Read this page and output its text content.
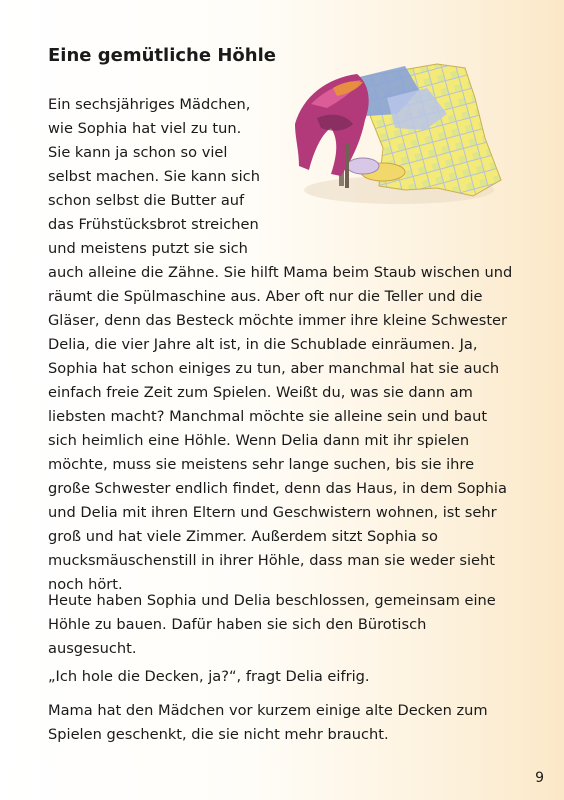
Eine gemütliche Höhle
Ein sechsjähriges Mädchen, wie Sophia hat viel zu tun. Sie kann ja schon so viel selbst machen. Sie kann sich schon selbst die Butter auf das Frühstücksbrot streichen und meistens putzt sie sich auch alleine die Zähne. Sie hilft Mama beim Staub wischen und räumt die Spülmaschine aus. Aber oft nur die Teller und die Gläser, denn das Besteck möchte immer ihre kleine Schwester Delia, die vier Jahre alt ist, in die Schublade einräumen. Ja, Sophia hat schon einiges zu tun, aber manchmal hat sie auch einfach freie Zeit zum Spielen. Weißt du, was sie dann am liebsten macht? Manchmal möchte sie alleine sein und baut sich heimlich eine Höhle. Wenn Delia dann mit ihr spielen möchte, muss sie meistens sehr lange suchen, bis sie ihre große Schwester endlich findet, denn das Haus, in dem Sophia und Delia mit ihren Eltern und Geschwistern wohnen, ist sehr groß und hat viele Zimmer. Außerdem sitzt Sophia so mucksmäuschenstill in ihrer Höhle, dass man sie weder sieht noch hört.
Heute haben Sophia und Delia beschlossen, gemeinsam eine Höhle zu bauen. Dafür haben sie sich den Bürotisch ausgesucht.
„Ich hole die Decken, ja?“, fragt Delia eifrig.
Mama hat den Mädchen vor kurzem einige alte Decken zum Spielen geschenkt, die sie nicht mehr braucht.
9
